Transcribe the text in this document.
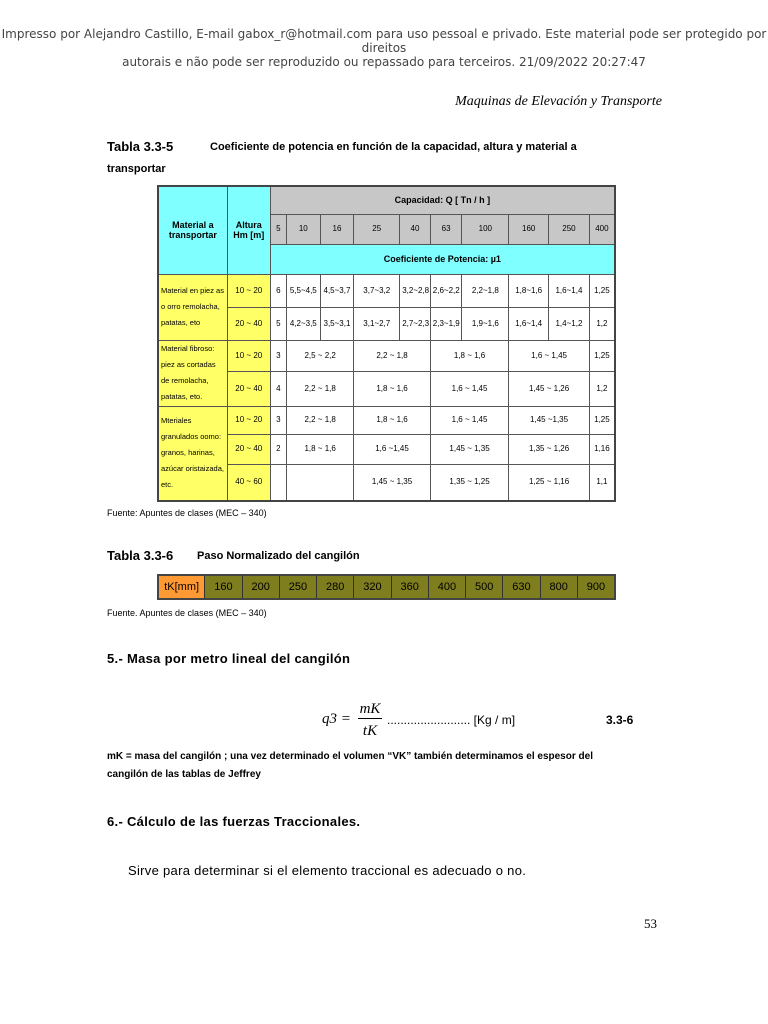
Impresso por Alejandro Castillo, E-mail gabox_r@hotmail.com para uso pessoal e privado. Este material pode ser protegido por direitos
autorais e não pode ser reproduzido ou repassado para terceiros. 21/09/2022 20:27:47
Maquinas de Elevación y Transporte
Tabla 3.3-5	Coeficiente de potencia en función de la capacidad, altura y material a
transportar
Material a transportar	Altura Hm [m]	Capacidad: Q [ Tn / h ]									
		5	10	16	25	40	63	100	160	250	400
		Coeficiente de Potencia: µ1									
Material en piez as o orro remolacha, patatas, eto	10 ~ 20	6	5,5~4,5	4,5~3,7	3,7~3,2	3,2~2,8	2,6~2,2	2,2~1,8	1,8~1,6	1,6~1,4	1,25
	20 ~ 40	5	4,2~3,5	3,5~3,1	3,1~2,7	2,7~2,3	2,3~1,9	1,9~1,6	1,6~1,4	1,4~1,2	1,2
Material fibroso: piez as cortadas de remolacha, patatas, eto.	10 ~ 20	3	2,5 ~ 2,2		2,2 ~ 1,8		1,8 ~ 1,6		1,6 ~ 1,45		1,25
	20 ~ 40	4	2,2 ~ 1,8		1,8 ~ 1,6		1,6 ~ 1,45		1,45 ~ 1,26		1,2
Mteriales granulados oomo: granos, harinas, azúcar oristaizada, etc.	10 ~ 20	3	2,2 ~ 1,8		1,8 ~ 1,6		1,6 ~ 1,45		1,45 ~1,35		1,25
	20 ~ 40	2	1,8 ~ 1,6		1,6 ~1,45		1,45 ~ 1,35		1,35 ~ 1,26		1,16
	40 ~ 60				1,45 ~ 1,35		1,35 ~ 1,25		1,25 ~ 1,16		1,1
Fuente: Apuntes de clases (MEC – 340)
Tabla 3.3-6 Paso Normalizado del cangilón
tK[mm]	160	200	250	280	320	360	400	500	630	800	900
Fuente. Apuntes de clases (MEC – 340)
5.- Masa por metro lineal del cangilón
q3 =
mK
tK
......................... [Kg / m]	3.3-6
mK = masa del cangilón ; una vez determinado el volumen “VK” también determinamos el espesor del
cangilón de las tablas de Jeffrey
6.- Cálculo de las fuerzas Traccionales.
Sirve para determinar si el elemento traccional es adecuado o no.
53
